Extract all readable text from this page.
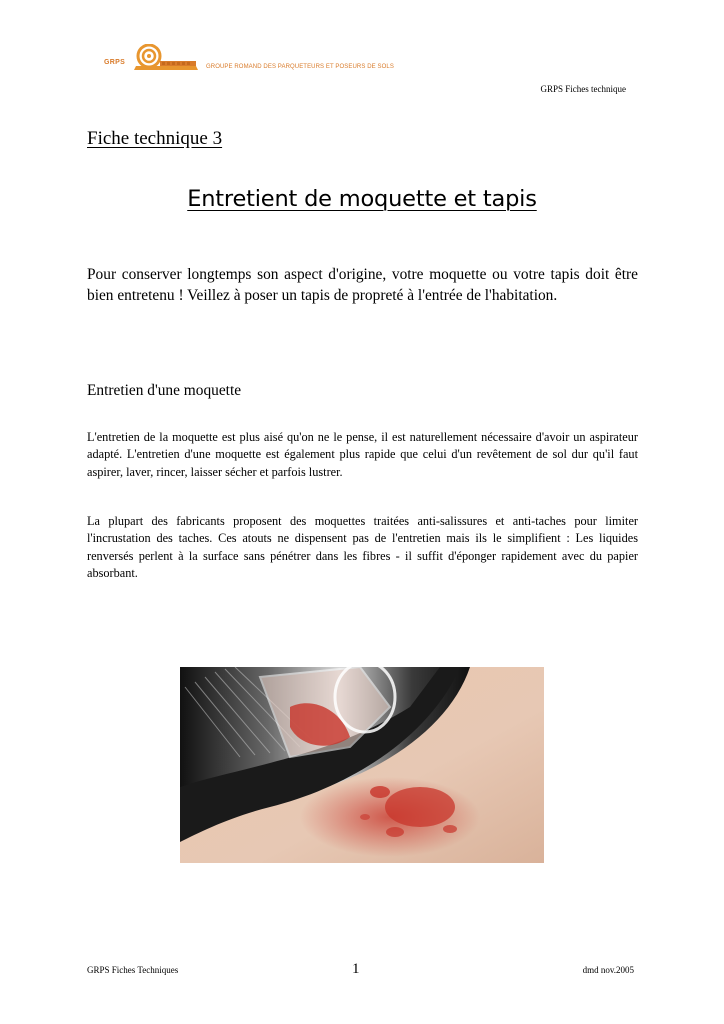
GRPS
GROUPE ROMAND DES PARQUETEURS ET POSEURS DE SOLS
GRPS Fiches technique
Fiche technique 3
Entretient de moquette et tapis
Pour conserver longtemps son aspect d'origine, votre moquette ou votre tapis doit être bien entretenu ! Veillez à poser un tapis de propreté à l'entrée de l'habitation.
Entretien d'une moquette
L'entretien de la moquette est plus aisé qu'on ne le pense, il est naturellement nécessaire d'avoir un aspirateur adapté. L'entretien d'une moquette est également plus rapide que celui d'un revêtement de sol dur qu'il faut aspirer, laver, rincer, laisser sécher et parfois lustrer.
La plupart des fabricants proposent des moquettes traitées anti-salissures et anti-taches pour limiter l'incrustation des taches. Ces atouts ne dispensent pas de l'entretien mais ils le simplifient : Les liquides renversés perlent à la surface sans pénétrer dans les fibres - il suffit d'éponger rapidement avec du papier absorbant.
GRPS Fiches Techniques	1	dmd nov.2005
